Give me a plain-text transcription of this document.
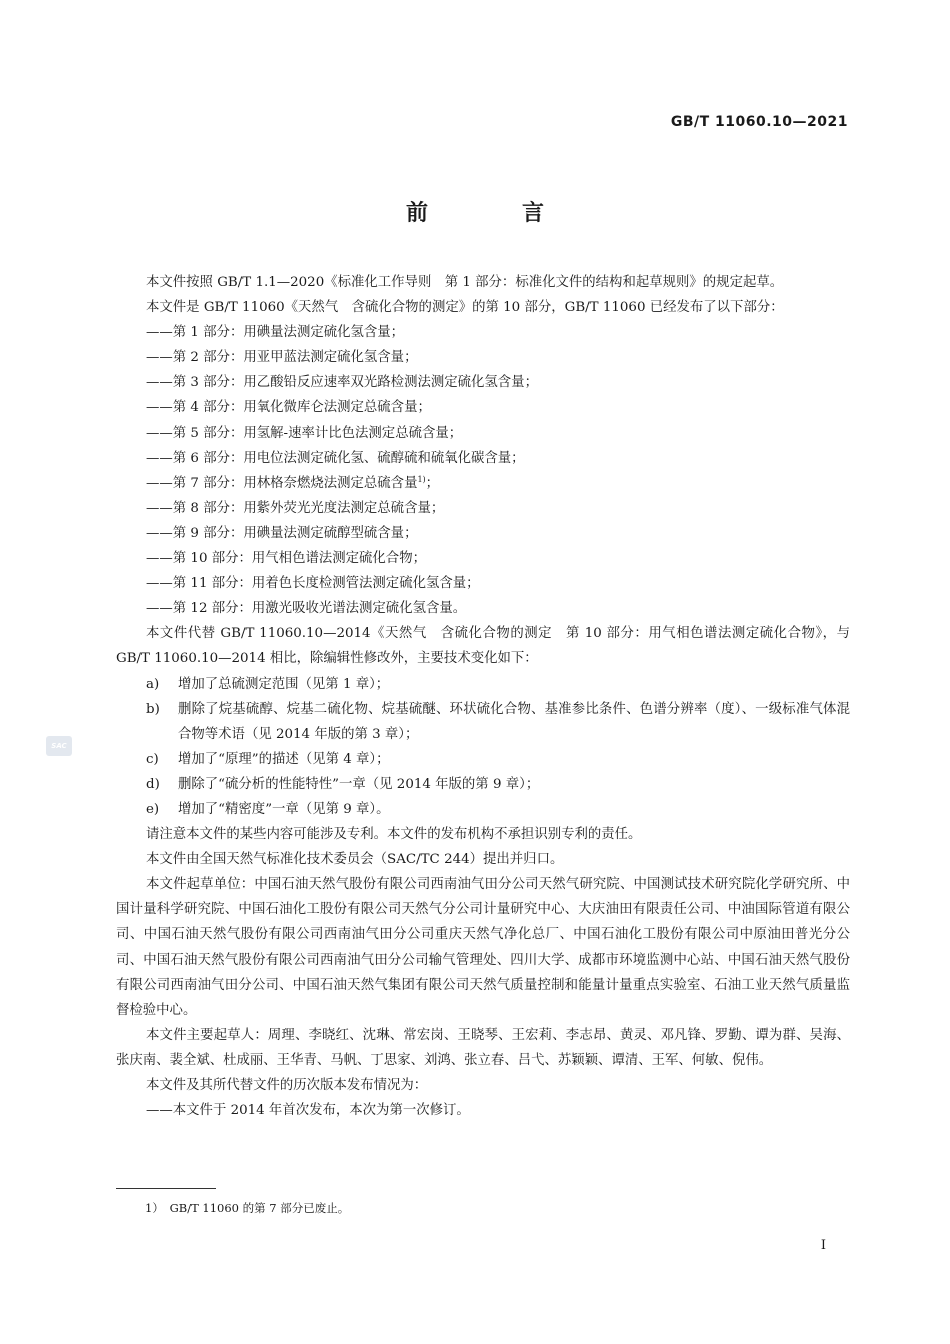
GB/T 11060.10—2021
前　言
SAC

本文件按照 GB/T 1.1—2020《标准化工作导则　第 1 部分：标准化文件的结构和起草规则》的规定起草。

本文件是 GB/T 11060《天然气　含硫化合物的测定》的第 10 部分，GB/T 11060 已经发布了以下部分：

——第 1 部分：用碘量法测定硫化氢含量；

——第 2 部分：用亚甲蓝法测定硫化氢含量；

——第 3 部分：用乙酸铅反应速率双光路检测法测定硫化氢含量；

——第 4 部分：用氧化微库仑法测定总硫含量；

——第 5 部分：用氢解-速率计比色法测定总硫含量；

——第 6 部分：用电位法测定硫化氢、硫醇硫和硫氧化碳含量；

——第 7 部分：用林格奈燃烧法测定总硫含量$^{1)}$；

——第 8 部分：用紫外荧光光度法测定总硫含量；

——第 9 部分：用碘量法测定硫醇型硫含量；

——第 10 部分：用气相色谱法测定硫化合物；

——第 11 部分：用着色长度检测管法测定硫化氢含量；

——第 12 部分：用激光吸收光谱法测定硫化氢含量。

本文件代替 GB/T 11060.10—2014《天然气　含硫化合物的测定　第 10 部分：用气相色谱法测定硫化合物》，与 GB/T 11060.10—2014 相比，除编辑性修改外，主要技术变化如下：

a)	增加了总硫测定范围（见第 1 章）；
b)	删除了烷基硫醇、烷基二硫化物、烷基硫醚、环状硫化合物、基准参比条件、色谱分辨率（度）、一级标准气体混合物等术语（见 2014 年版的第 3 章）；
c)	增加了“原理”的描述（见第 4 章）；
d)	删除了“硫分析的性能特性”一章（见 2014 年版的第 9 章）；
e)	增加了“精密度”一章（见第 9 章）。

请注意本文件的某些内容可能涉及专利。本文件的发布机构不承担识别专利的责任。

本文件由全国天然气标准化技术委员会（SAC/TC 244）提出并归口。

本文件起草单位：中国石油天然气股份有限公司西南油气田分公司天然气研究院、中国测试技术研究院化学研究所、中国计量科学研究院、中国石油化工股份有限公司天然气分公司计量研究中心、大庆油田有限责任公司、中油国际管道有限公司、中国石油天然气股份有限公司西南油气田分公司重庆天然气净化总厂、中国石油化工股份有限公司中原油田普光分公司、中国石油天然气股份有限公司西南油气田分公司输气管理处、四川大学、成都市环境监测中心站、中国石油天然气股份有限公司西南油气田分公司、中国石油天然气集团有限公司天然气质量控制和能量计量重点实验室、石油工业天然气质量监督检验中心。

本文件主要起草人：周理、李晓红、沈琳、常宏岗、王晓琴、王宏莉、李志昂、黄灵、邓凡锋、罗勤、谭为群、吴海、张庆南、裴全斌、杜成丽、王华青、马帆、丁思家、刘鸿、张立春、吕弋、苏颖颖、谭清、王军、何敏、倪伟。

本文件及其所代替文件的历次版本发布情况为：

——本文件于 2014 年首次发布，本次为第一次修订。

1）　GB/T 11060 的第 7 部分已废止。
I
